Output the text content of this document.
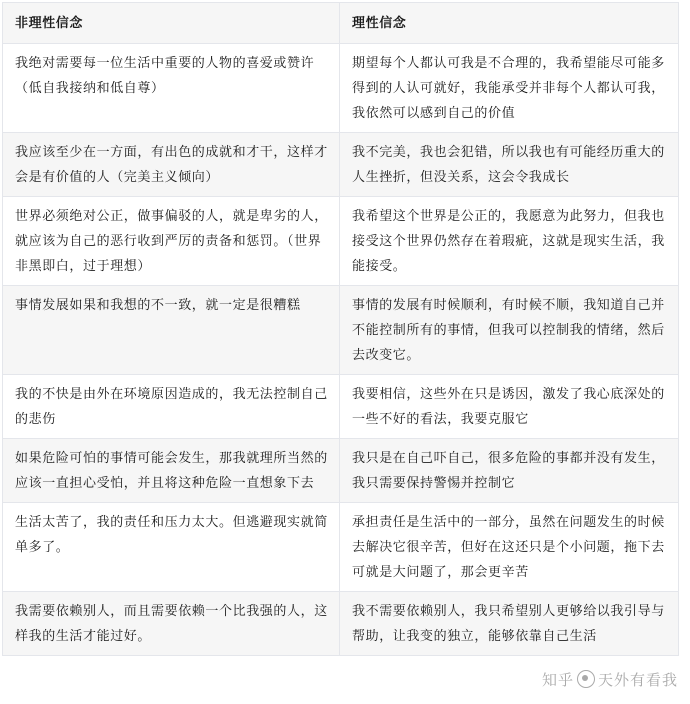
非理性信念	理性信念
我绝对需要每一位生活中重要的人物的喜爱或赞许（低自我接纳和低自尊）	期望每个人都认可我是不合理的，我希望能尽可能多得到的人认可就好，我能承受并非每个人都认可我，我依然可以感到自己的价值
我应该至少在一方面，有出色的成就和才干，这样才会是有价值的人（完美主义倾向）	我不完美，我也会犯错，所以我也有可能经历重大的人生挫折，但没关系，这会令我成长
世界必须绝对公正，做事偏驳的人，就是卑劣的人，就应该为自己的恶行收到严厉的责备和惩罚。（世界非黑即白，过于理想）	我希望这个世界是公正的，我愿意为此努力，但我也接受这个世界仍然存在着瑕疵，这就是现实生活，我能接受。
事情发展如果和我想的不一致，就一定是很糟糕	事情的发展有时候顺利，有时候不顺，我知道自己并不能控制所有的事情，但我可以控制我的情绪，然后去改变它。
我的不快是由外在环境原因造成的，我无法控制自己的悲伤	我要相信，这些外在只是诱因，激发了我心底深处的一些不好的看法，我要克服它
如果危险可怕的事情可能会发生，那我就理所当然的应该一直担心受怕，并且将这种危险一直想象下去	我只是在自己吓自己，很多危险的事都并没有发生，我只需要保持警惕并控制它
生活太苦了，我的责任和压力太大。但逃避现实就简单多了。	承担责任是生活中的一部分，虽然在问题发生的时候去解决它很辛苦，但好在这还只是个小问题，拖下去可就是大问题了，那会更辛苦
我需要依赖别人，而且需要依赖一个比我强的人，这样我的生活才能过好。	我不需要依赖别人，我只希望别人更够给以我引导与帮助，让我变的独立，能够依靠自己生活
知乎 天外有看我
